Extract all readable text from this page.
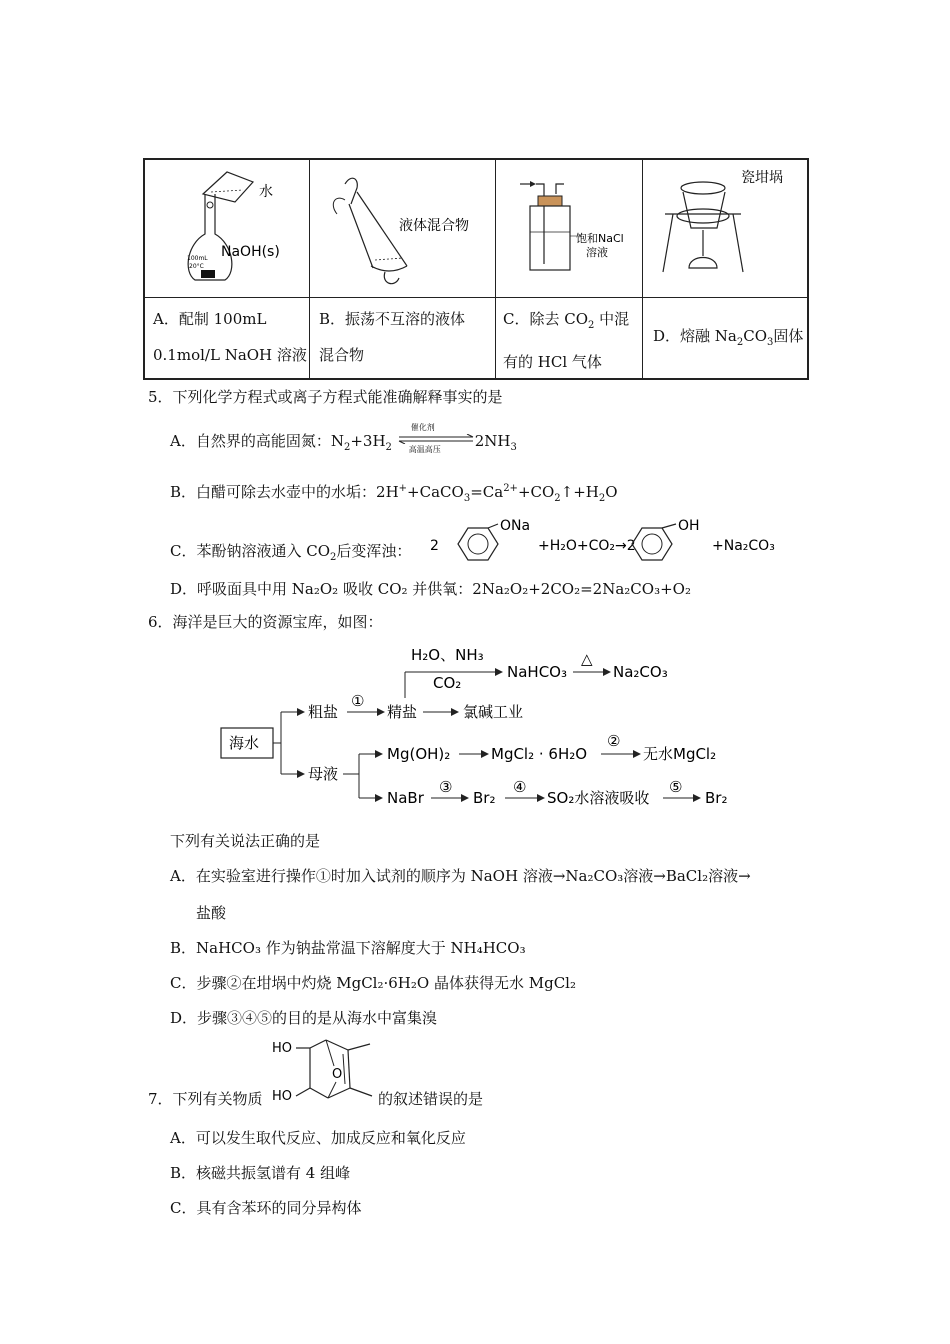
100mL
20°C
水
NaOH(s)
液体混合物
饱和NaCl
溶液
瓷坩埚
A．配制 100mL
0.1mol/L NaOH 溶液
B．振荡不互溶的液体
混合物
C．除去 $CO_2$ 中混
有的 HCl 气体
D．熔融 $Na_2CO_3$固体
5．下列化学方程式或离子方程式能准确解释事实的是
A．自然界的高能固氮：$N_2+3H_2$
催化剂
高温高压 $2NH_3$
B．白醋可除去水壶中的水垢：$2H^++CaCO_3=Ca^{2+}+CO_2↑+H_2O$
C．苯酚钠溶液通入 $CO_2$后变浑浊： 2
ONa
+H₂O+CO₂→2
OH
+Na₂CO₃
D．呼吸面具中用 Na₂O₂ 吸收 CO₂ 并供氧：2Na₂O₂+2CO₂=2Na₂CO₃+O₂
6．海洋是巨大的资源宝库，如图：
海水
粗盐
①
精盐
H₂O、NH₃
CO₂
NaHCO₃
△
Na₂CO₃
氯碱工业
母液
Mg(OH)₂	MgCl₂ · 6H₂O
②
无水MgCl₂
NaBr
③
Br₂
④
SO₂水溶液吸收
⑤
Br₂
下列有关说法正确的是
A．在实验室进行操作①时加入试剂的顺序为 NaOH 溶液→Na₂CO₃溶液→BaCl₂溶液→
盐酸
B．NaHCO₃ 作为钠盐常温下溶解度大于 NH₄HCO₃
C．步骤②在坩埚中灼烧 MgCl₂·6H₂O 晶体获得无水 MgCl₂
D．步骤③④⑤的目的是从海水中富集溴
7．下列有关物质
HO
HO
O
的叙述错误的是
A．可以发生取代反应、加成反应和氧化反应
B．核磁共振氢谱有 4 组峰
C．具有含苯环的同分异构体
